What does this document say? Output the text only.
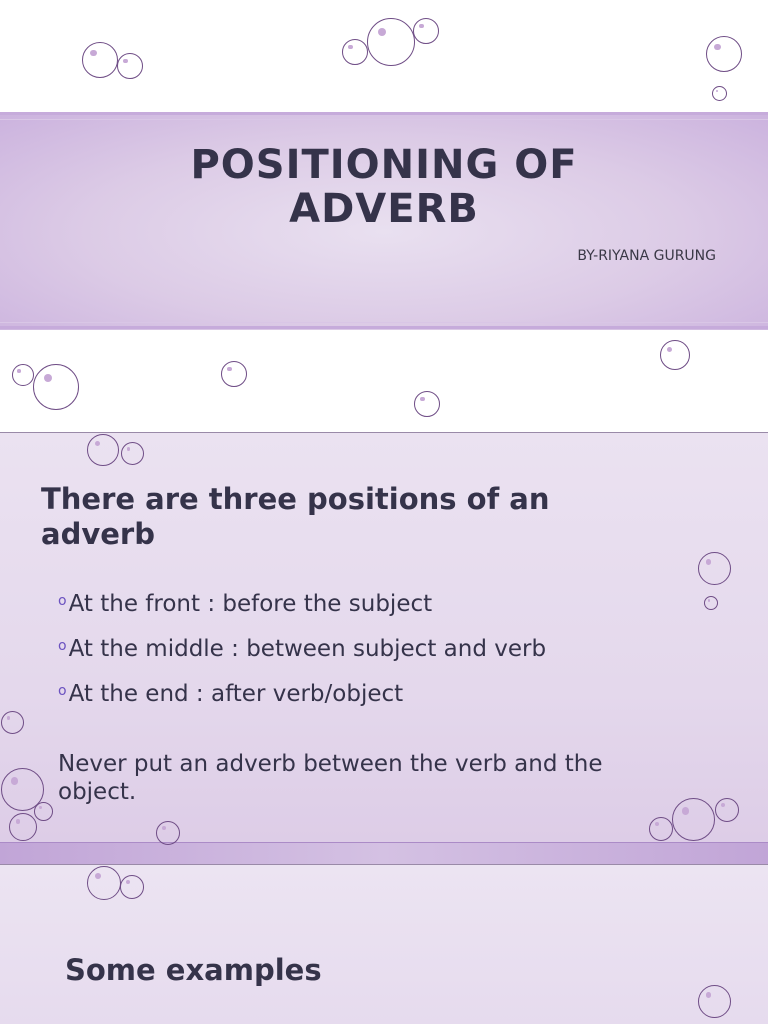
POSITIONING OF
ADVERB
BY-RIYANA GURUNG
There are three positions of an adverb
oAt the front : before the subject
oAt the middle : between subject and verb
oAt the end : after verb/object
Never put an adverb between the verb and the object.
Some examples
